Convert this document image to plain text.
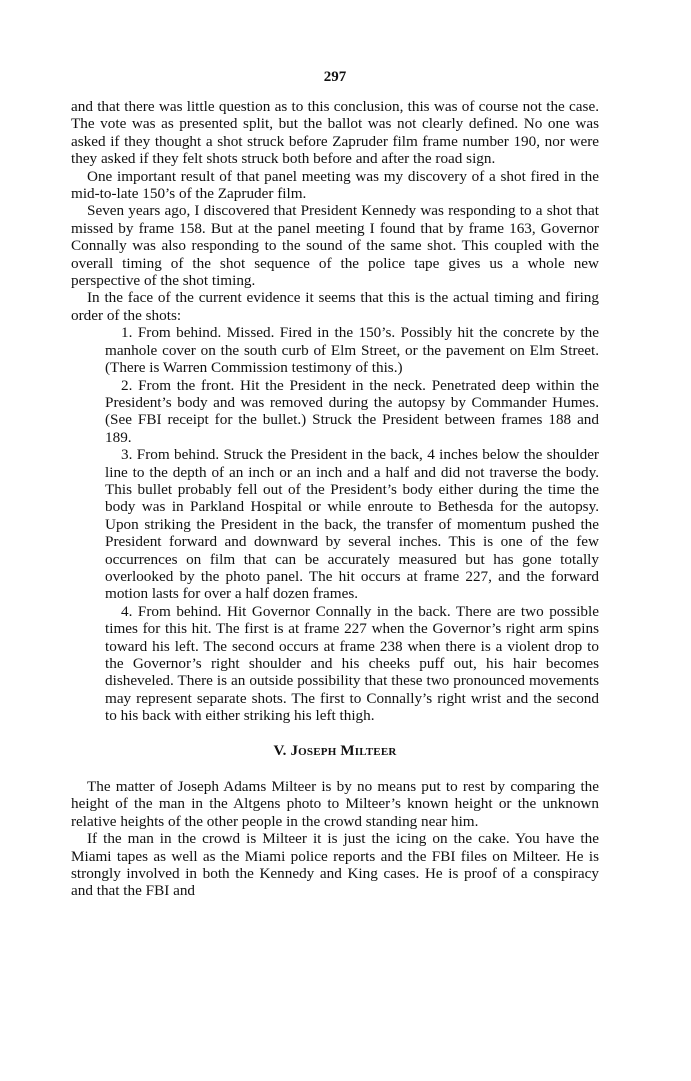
297

and that there was little question as to this conclusion, this was of course not the case. The vote was as presented split, but the ballot was not clearly defined. No one was asked if they thought a shot struck before Zapruder film frame number 190, nor were they asked if they felt shots struck both before and after the road sign.

One important result of that panel meeting was my discovery of a shot fired in the mid-to-late 150’s of the Zapruder film.

Seven years ago, I discovered that President Kennedy was responding to a shot that missed by frame 158. But at the panel meeting I found that by frame 163, Governor Connally was also responding to the sound of the same shot. This coupled with the overall timing of the shot sequence of the police tape gives us a whole new perspective of the shot timing.

In the face of the current evidence it seems that this is the actual timing and firing order of the shots:

1. From behind. Missed. Fired in the 150’s. Possibly hit the concrete by the manhole cover on the south curb of Elm Street, or the pavement on Elm Street. (There is Warren Commission testimony of this.)

2. From the front. Hit the President in the neck. Penetrated deep within the President’s body and was removed during the autopsy by Commander Humes. (See FBI receipt for the bullet.) Struck the President between frames 188 and 189.

3. From behind. Struck the President in the back, 4 inches below the shoulder line to the depth of an inch or an inch and a half and did not traverse the body. This bullet probably fell out of the President’s body either during the time the body was in Parkland Hospital or while enroute to Bethesda for the autopsy. Upon striking the President in the back, the transfer of momentum pushed the President forward and downward by several inches. This is one of the few occurrences on film that can be accurately measured but has gone totally overlooked by the photo panel. The hit occurs at frame 227, and the forward motion lasts for over a half dozen frames.

4. From behind. Hit Governor Connally in the back. There are two possible times for this hit. The first is at frame 227 when the Governor’s right arm spins toward his left. The second occurs at frame 238 when there is a violent drop to the Governor’s right shoulder and his cheeks puff out, his hair becomes disheveled. There is an outside possibility that these two pronounced movements may represent separate shots. The first to Connally’s right wrist and the second to his back with either striking his left thigh.

V. Joseph Milteer

The matter of Joseph Adams Milteer is by no means put to rest by comparing the height of the man in the Altgens photo to Milteer’s known height or the unknown relative heights of the other people in the crowd standing near him.

If the man in the crowd is Milteer it is just the icing on the cake. You have the Miami tapes as well as the Miami police reports and the FBI files on Milteer. He is strongly involved in both the Kennedy and King cases. He is proof of a conspiracy and that the FBI and
